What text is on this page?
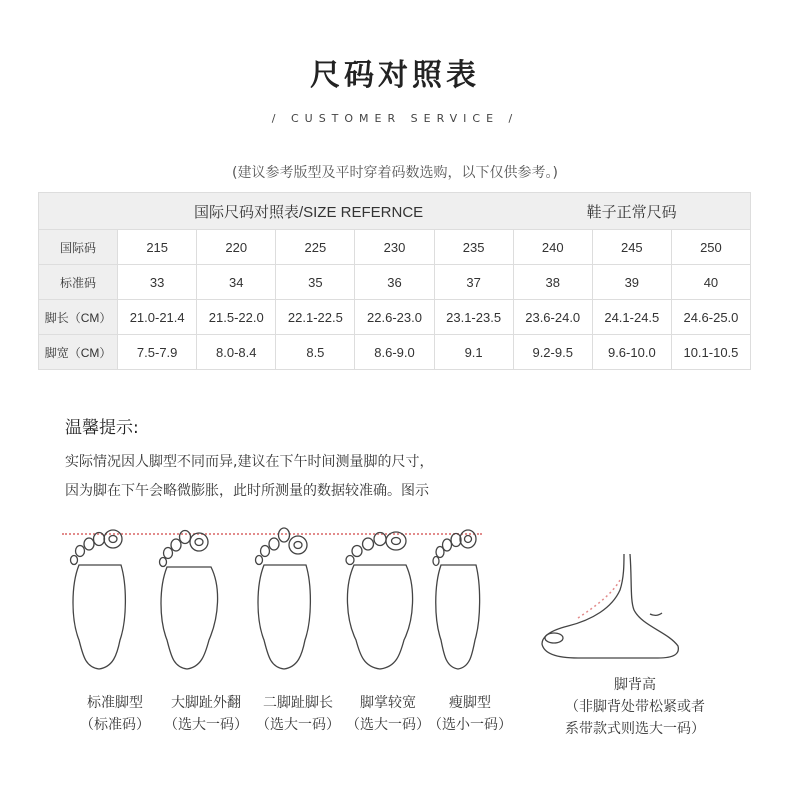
尺码对照表
/ CUSTOMER SERVICE /
(建议参考版型及平时穿着码数选购，以下仅供参考。)
国际尺码对照表/SIZE REFERNCE						鞋子正常尺码		
国际码	215	220	225	230	235	240	245	250
标准码	33	34	35	36	37	38	39	40
脚长（CM）	21.0-21.4	21.5-22.0	22.1-22.5	22.6-23.0	23.1-23.5	23.6-24.0	24.1-24.5	24.6-25.0
脚宽（CM）	7.5-7.9	8.0-8.4	8.5	8.6-9.0	9.1	9.2-9.5	9.6-10.0	10.1-10.5
温馨提示:
实际情况因人脚型不同而异,建议在下午时间测量脚的尺寸，
因为脚在下午会略微膨胀，此时所测量的数据较准确。图示
标准脚型
（标准码）
大脚趾外翻
（选大一码）
二脚趾脚长
（选大一码）
脚掌较宽
（选大一码）
瘦脚型
（选小一码）
脚背高
（非脚背处带松紧或者
系带款式则选大一码）
